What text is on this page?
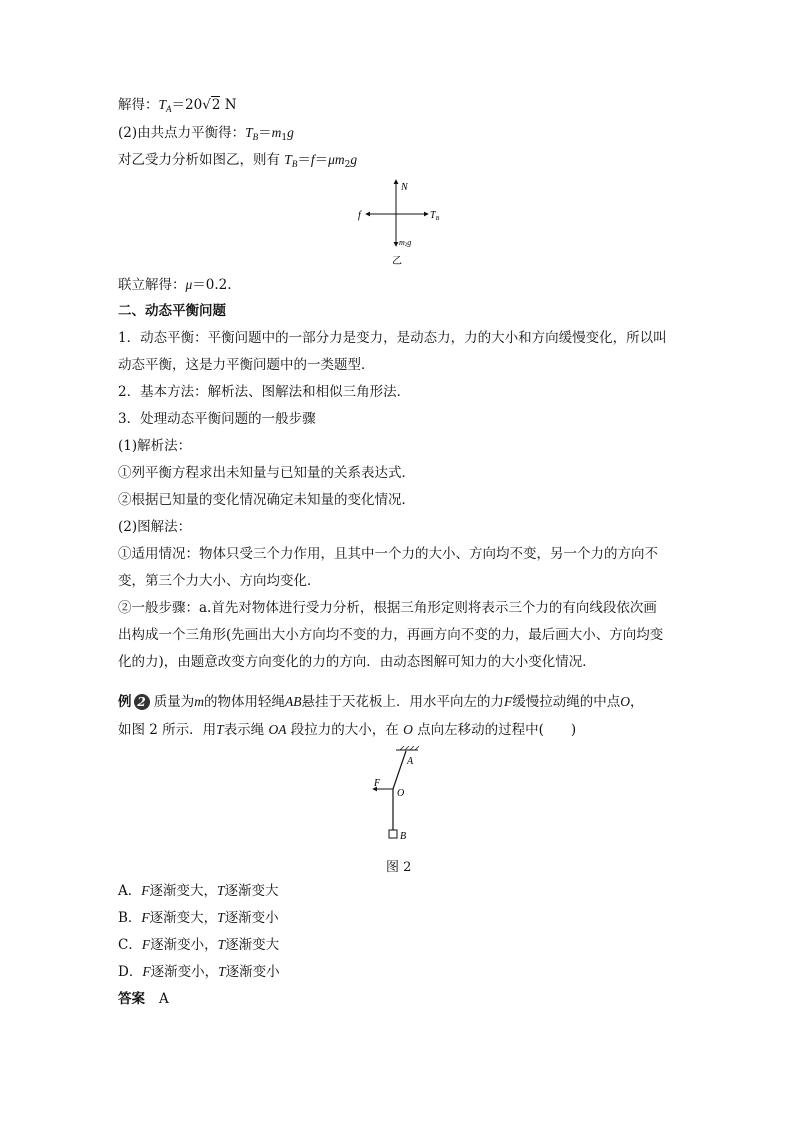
解得：$T_A=20√2$ N
(2)由共点力平衡得：$T_B=m_1g$
对乙受力分析如图乙，则有 $T_B=f=\mu m_2g$
N
f	$T_B$
m2g
乙
联立解得：μ＝0.2.
二、动态平衡问题
1．动态平衡：平衡问题中的一部分力是变力，是动态力，力的大小和方向缓慢变化，所以叫
动态平衡，这是力平衡问题中的一类题型．
2．基本方法：解析法、图解法和相似三角形法．
3．处理动态平衡问题的一般步骤
(1)解析法：
①列平衡方程求出未知量与已知量的关系表达式．
②根据已知量的变化情况确定未知量的变化情况．
(2)图解法：
①适用情况：物体只受三个力作用，且其中一个力的大小、方向均不变，另一个力的方向不
变，第三个力大小、方向均变化．
②一般步骤：a.首先对物体进行受力分析，根据三角形定则将表示三个力的有向线段依次画
出构成一个三角形(先画出大小方向均不变的力，再画方向不变的力，最后画大小、方向均变
化的力)，由题意改变方向变化的力的方向．由动态图解可知力的大小变化情况．
例 2 质量为m的物体用轻绳AB悬挂于天花板上．用水平向左的力F缓慢拉动绳的中点O，
如图 2 所示．用T表示绳 OA 段拉力的大小，在 O 点向左移动的过程中(　　)
A
O
F
B
图 2
A．F逐渐变大，T逐渐变大
B．F逐渐变大，T逐渐变小
C．F逐渐变小，T逐渐变大
D．F逐渐变小，T逐渐变小
答案 A
